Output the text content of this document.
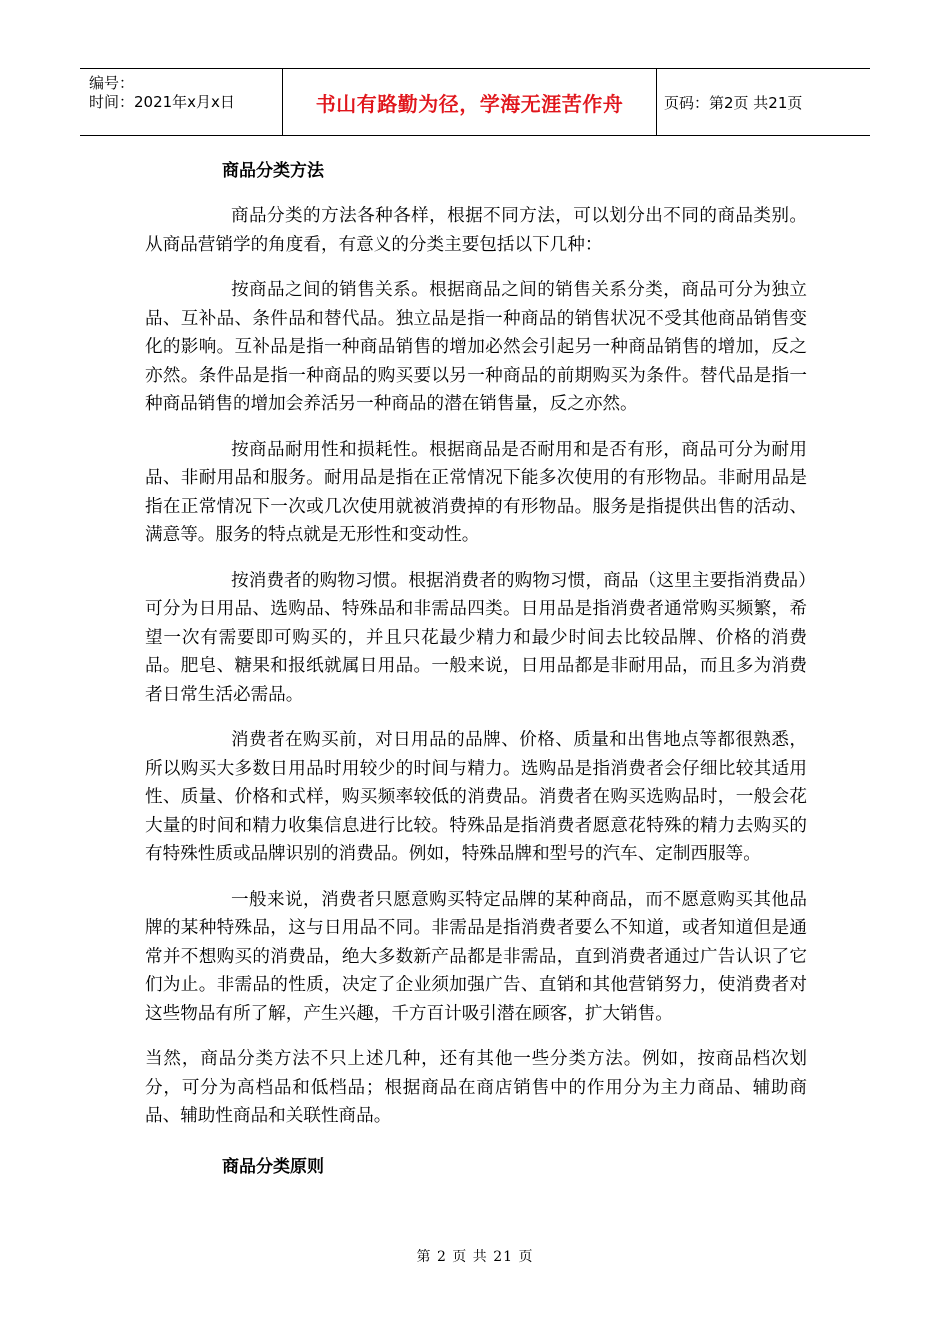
编号：
时间：2021年x月x日	书山有路勤为径，学海无涯苦作舟	页码：第2页 共21页
商品分类方法

商品分类的方法各种各样，根据不同方法，可以划分出不同的商品类别。从商品营销学的角度看，有意义的分类主要包括以下几种：

按商品之间的销售关系。根据商品之间的销售关系分类，商品可分为独立品、互补品、条件品和替代品。独立品是指一种商品的销售状况不受其他商品销售变化的影响。互补品是指一种商品销售的增加必然会引起另一种商品销售的增加，反之亦然。条件品是指一种商品的购买要以另一种商品的前期购买为条件。替代品是指一种商品销售的增加会养活另一种商品的潜在销售量，反之亦然。

按商品耐用性和损耗性。根据商品是否耐用和是否有形，商品可分为耐用品、非耐用品和服务。耐用品是指在正常情况下能多次使用的有形物品。非耐用品是指在正常情况下一次或几次使用就被消费掉的有形物品。服务是指提供出售的活动、满意等。服务的特点就是无形性和变动性。

按消费者的购物习惯。根据消费者的购物习惯，商品（这里主要指消费品）可分为日用品、选购品、特殊品和非需品四类。日用品是指消费者通常购买频繁，希望一次有需要即可购买的，并且只花最少精力和最少时间去比较品牌、价格的消费品。肥皂、糖果和报纸就属日用品。一般来说，日用品都是非耐用品，而且多为消费者日常生活必需品。

消费者在购买前，对日用品的品牌、价格、质量和出售地点等都很熟悉，所以购买大多数日用品时用较少的时间与精力。选购品是指消费者会仔细比较其适用性、质量、价格和式样，购买频率较低的消费品。消费者在购买选购品时，一般会花大量的时间和精力收集信息进行比较。特殊品是指消费者愿意花特殊的精力去购买的有特殊性质或品牌识别的消费品。例如，特殊品牌和型号的汽车、定制西服等。

一般来说，消费者只愿意购买特定品牌的某种商品，而不愿意购买其他品牌的某种特殊品，这与日用品不同。非需品是指消费者要么不知道，或者知道但是通常并不想购买的消费品，绝大多数新产品都是非需品，直到消费者通过广告认识了它们为止。非需品的性质，决定了企业须加强广告、直销和其他营销努力，使消费者对这些物品有所了解，产生兴趣，千方百计吸引潜在顾客，扩大销售。

当然，商品分类方法不只上述几种，还有其他一些分类方法。例如，按商品档次划分，可分为高档品和低档品；根据商品在商店销售中的作用分为主力商品、辅助商品、辅助性商品和关联性商品。

商品分类原则
第 2 页 共 21 页
